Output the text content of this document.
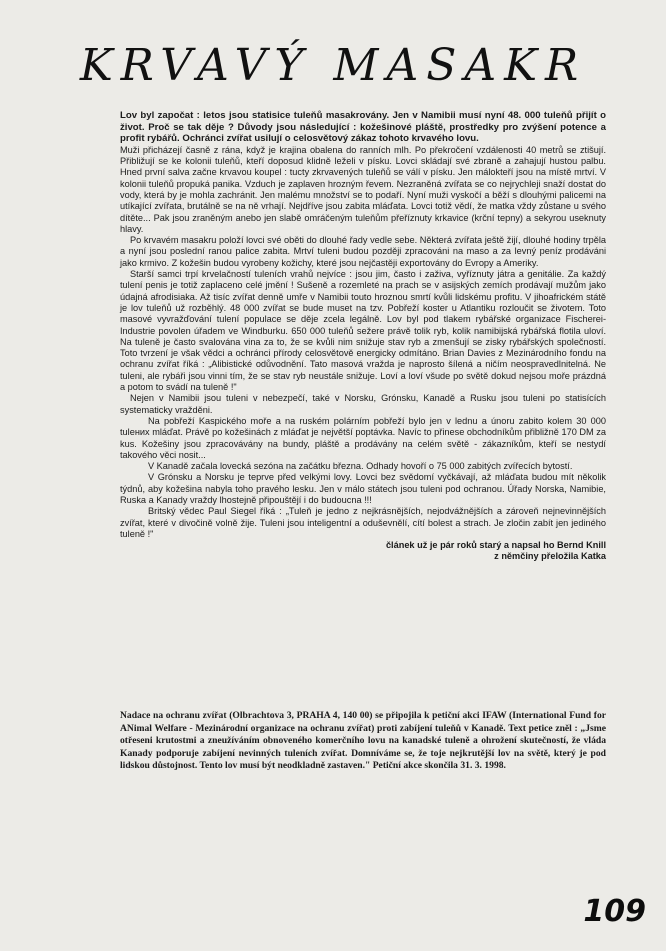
KRVAVÝ MASAKR

Lov byl započat : letos jsou statisice tuleňů masakrovány. Jen v Namibii musí nyní 48. 000 tuleňů přijít o život. Proč se tak děje ? Důvody jsou následující : kožešinové pláště, prostředky pro zvýšení potence a profit rybářů. Ochránci zvířat usilují o celosvětový zákaz tohoto krvavého lovu.

Muži přicházejí časně z rána, když je krajina obalena do ranních mlh. Po překročení vzdálenosti 40 metrů se ztišují. Přibližují se ke kolonii tuleňů, kteří doposud klidně leželi v písku. Lovci skládají své zbraně a zahajují hustou palbu. Hned první salva začne krvavou koupel : tucty zkrvavených tuleňů se válí v písku. Jen málokteří jsou na místě mrtví. V kolonii tuleňů propuká panika. Vzduch je zaplaven hrozným řevem. Nezraněná zvířata se co nejrychleji snaží dostat do vody, která by je mohla zachránit. Jen malému množství se to podaří. Nyní muži vyskočí a běží s dlouhými palicemi na utíkající zvířata, brutálně se na ně vrhají. Nejdříve jsou zabita mláďata. Lovci totiž vědí, že matka vždy zůstane u svého dítěte... Pak jsou zraněným anebo jen slabě omráčeným tuleňům přeříznuty krkavice (krční tepny) a sekyrou useknuty hlavy.

Po krvavém masakru položí lovci své oběti do dlouhé řady vedle sebe. Některá zvířata ještě žijí, dlouhé hodiny trpěla a nyní jsou poslední ranou palice zabita. Mrtví tuleni budou později zpracováni na maso a za levný peníz prodáváni jako krmivo. Z kožešin budou vyrobeny kožichy, které jsou nejčastěji exportovány do Evropy a Ameriky.

Starší samci trpí krvelačností tuleních vrahů nejvíce : jsou jim, často i zaživa, vyříznuty játra a genitálie. Za každý tulení penis je totiž zaplaceno celé jmění ! Sušeně a rozemleté na prach se v asijských zemích prodávají mužům jako údajná afrodisiaka. Až tisíc zvířat denně umře v Namibii touto hroznou smrtí kvůli lidskému profitu. V jihoafrickém státě je lov tuleňů už rozběhlý. 48 000 zvířat se bude muset na tzv. Pobřeží koster u Atlantiku rozloučit se životem. Toto masové vyvražďování tulení populace se děje zcela legálně. Lov byl pod tlakem rybářské organizace Fischerei-Industrie povolen úřadem ve Windburku. 650 000 tuleňů sežere právě tolik ryb, kolik namibijská rybářská flotila uloví. Na tuleně je často svalována vina za to, že se kvůli nim snižuje stav ryb a zmenšují se zisky rybářských společností. Toto tvrzení je však vědci a ochránci přírody celosvětově energicky odmítáno. Brian Davies z Mezinárodního fondu na ochranu zvířat říká : „Alibistické odůvodnění. Tato masová vražda je naprosto šílená a ničím neospravedlnitelná. Ne tuleni, ale rybáři jsou vinni tím, že se stav ryb neustále snižuje. Loví a loví všude po světě dokud nejsou moře prázdná a potom to svádí na tuleně !"

Nejen v Namibii jsou tuleni v nebezpečí, také v Norsku, Grónsku, Kanadě a Rusku jsou tuleni po statisících systematicky vražděni.

Na pobřeží Kaspického moře a na ruském polárním pobřeží bylo jen v lednu a únoru zabito kolem 30 000 tulених mláďat. Právě po kožešinách z mláďat je největší poptávka. Navíc to přinese obchodníkům přibližně 170 DM za kus. Kožešiny jsou zpracovávány na bundy, pláště a prodávány na celém světě - zákazníkům, kteří se nestydí takového věci nosit...

V Kanadě začala lovecká sezóna na začátku března. Odhady hovoří o 75 000 zabitých zvířecích bytostí.

V Grónsku a Norsku je teprve před velkými lovy. Lovci bez svědomí vyčkávají, až mláďata budou mít několik týdnů, aby kožešina nabyla toho pravého lesku. Jen v málo státech jsou tuleni pod ochranou. Úřady Norska, Namibie, Ruska a Kanady vraždy lhostejně připouštějí i do budoucna !!!

Britský vědec Paul Siegel říká : „Tuleň je jedno z nejkrásnějších, nejodvážnějších a zároveň nejnevinnějších zvířat, které v divočině volně žije. Tuleni jsou inteligentní a oduševnělí, cítí bolest a strach. Je zločin zabít jen jediného tuleně !"

článek už je pár roků starý a napsal ho Bernd Knill

z němčiny přeložila Katka

Nadace na ochranu zvířat (Olbrachtova 3, PRAHA 4, 140 00) se připojila k petiční akci IFAW (International Fund for ANimal Welfare - Mezinárodní organizace na ochranu zvířat) proti zabíjení tuleňů v Kanadě. Text petice zněl : „Jsme otřeseni krutostmi a zneužíváním obnoveného komerčního lovu na kanadské tuleně a ohrožení skutečností, že vláda Kanady podporuje zabíjení nevinných tulеních zvířat. Domníváme se, že tojе nejkrutější lov na světě, který je pod lidskou důstojnost. Tento lov musí být neodkladně zastaven." Petiční akce skončila 31. 3. 1998.

109
